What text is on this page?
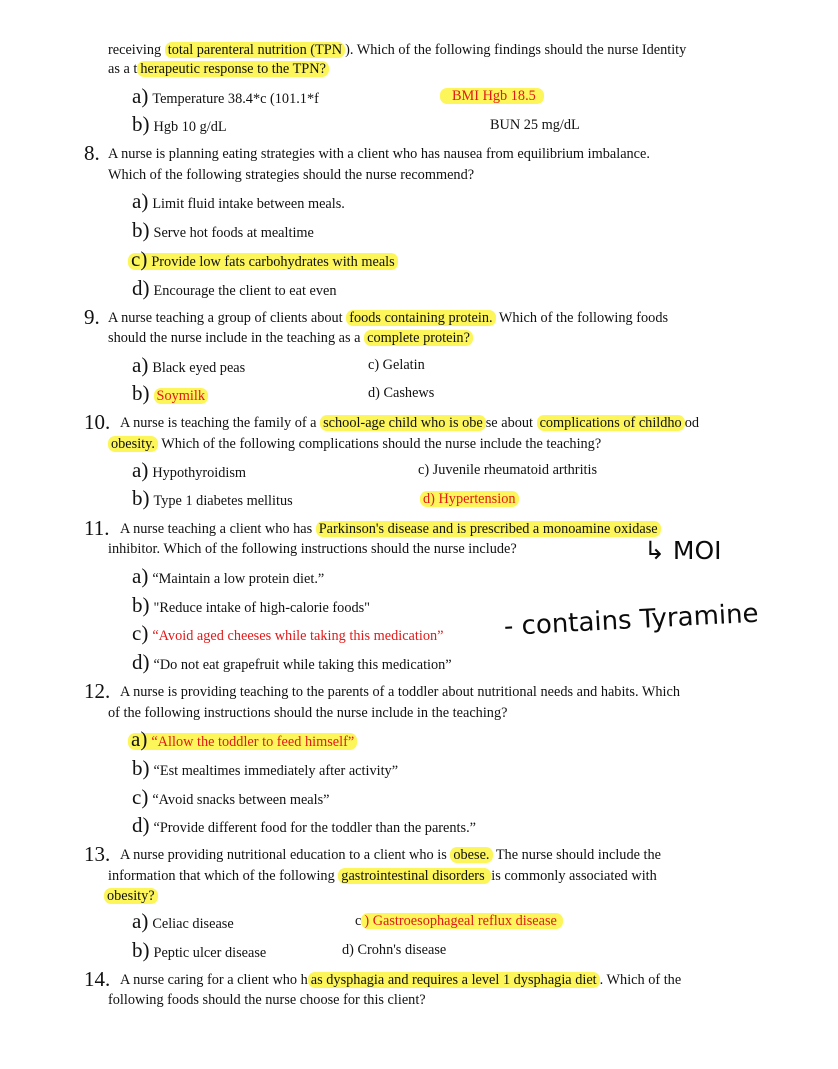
receiving total parenteral nutrition (TPN ). Which of the following findings should the nurse Identity
as a t herapeutic response to the TPN?
a) Temperature 38.4*c (101.1*f	BMI Hgb 18.5
b) Hgb 10 g/dL	BUN 25 mg/dL
8. A nurse is planning eating strategies with a client who has nausea from equilibrium imbalance.
Which of the following strategies should the nurse recommend?
a) Limit fluid intake between meals.
b) Serve hot foods at mealtime
c) Provide low fats carbohydrates with meals
d) Encourage the client to eat even
9. A nurse teaching a group of clients about foods containing protein. Which of the following foods
should the nurse include in the teaching as a complete protein?
a) Black eyed peas	c) Gelatin
b) Soymilk	d) Cashews
10. A nurse is teaching the family of a school-age child who is obe se about complications of childho od
obesity. Which of the following complications should the nurse include the teaching?
a) Hypothyroidism	c) Juvenile rheumatoid arthritis
b) Type 1 diabetes mellitus	d) Hypertension
11. A nurse teaching a client who has Parkinson's disease and is prescribed a monoamine oxidase
inhibitor. Which of the following instructions should the nurse include?	↳ MOI
a) “Maintain a low protein diet.”
b) "Reduce intake of high-calorie foods"
c) “Avoid aged cheeses while taking this medication” - contains Tyramine
d) “Do not eat grapefruit while taking this medication”
12. A nurse is providing teaching to the parents of a toddler about nutritional needs and habits. Which
of the following instructions should the nurse include in the teaching?
a) “Allow the toddler to feed himself”
b) “Est mealtimes immediately after activity”
c) “Avoid snacks between meals”
d) “Provide different food for the toddler than the parents.”
13. A nurse providing nutritional education to a client who is obese. The nurse should include the
information that which of the following gastrointestinal disorders is commonly associated with
obesity?
a) Celiac disease	c ) Gastroesophageal reflux disease
b) Peptic ulcer disease	d) Crohn's disease
14. A nurse caring for a client who h as dysphagia and requires a level 1 dysphagia diet . Which of the
following foods should the nurse choose for this client?
